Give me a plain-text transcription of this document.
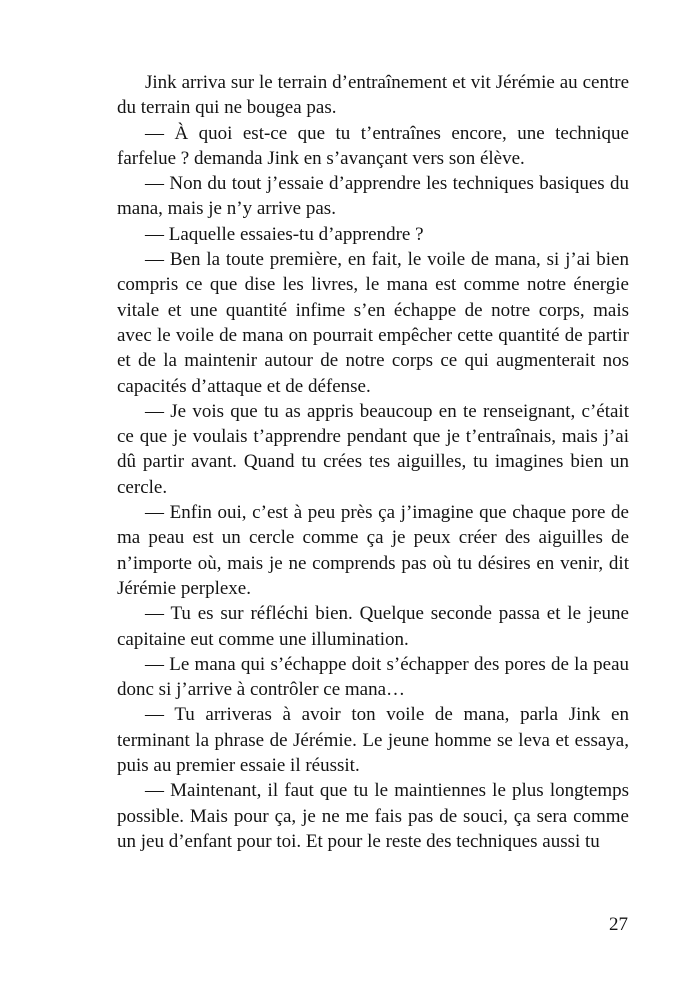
Jink arriva sur le terrain d’entraînement et vit Jérémie au centre du terrain qui ne bougea pas.

— À quoi est-ce que tu t’entraînes encore, une technique farfelue ? demanda Jink en s’avançant vers son élève.

— Non du tout j’essaie d’apprendre les techniques basiques du mana, mais je n’y arrive pas.

— Laquelle essaies-tu d’apprendre ?

— Ben la toute première, en fait, le voile de mana, si j’ai bien compris ce que dise les livres, le mana est comme notre énergie vitale et une quantité infime s’en échappe de notre corps, mais avec le voile de mana on pourrait empêcher cette quantité de partir et de la maintenir autour de notre corps ce qui augmenterait nos capacités d’attaque et de défense.

— Je vois que tu as appris beaucoup en te renseignant, c’était ce que je voulais t’apprendre pendant que je t’entraînais, mais j’ai dû partir avant. Quand tu crées tes aiguilles, tu imagines bien un cercle.

— Enfin oui, c’est à peu près ça j’imagine que chaque pore de ma peau est un cercle comme ça je peux créer des aiguilles de n’importe où, mais je ne comprends pas où tu désires en venir, dit Jérémie perplexe.

— Tu es sur réfléchi bien. Quelque seconde passa et le jeune capitaine eut comme une illumination.

— Le mana qui s’échappe doit s’échapper des pores de la peau donc si j’arrive à contrôler ce mana…

— Tu arriveras à avoir ton voile de mana, parla Jink en terminant la phrase de Jérémie. Le jeune homme se leva et essaya, puis au premier essaie il réussit.

— Maintenant, il faut que tu le maintiennes le plus longtemps possible. Mais pour ça, je ne me fais pas de souci, ça sera comme un jeu d’enfant pour toi. Et pour le reste des techniques aussi tu

27
